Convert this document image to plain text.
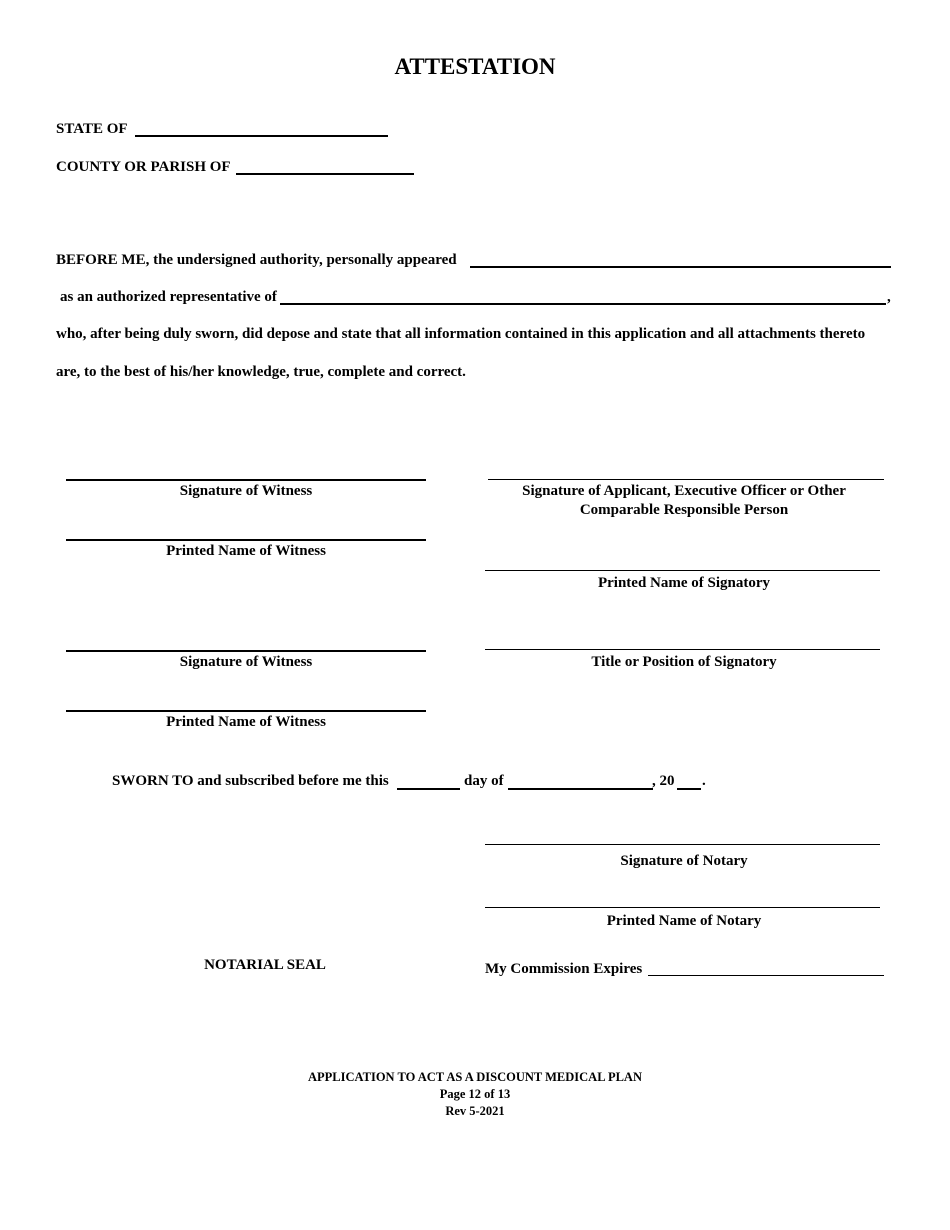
ATTESTATION
STATE OF
COUNTY OR PARISH OF
BEFORE ME, the undersigned authority, personally appeared
as an authorized representative of	,
who, after being duly sworn, did depose and state that all information contained in this application and all attachments thereto
are, to the best of his/her knowledge, true, complete and correct.
Signature of Witness
Printed Name of Witness
Signature of Witness
Printed Name of Witness
Signature of Applicant, Executive Officer or Other
Comparable Responsible Person
Printed Name of Signatory
Title or Position of Signatory
SWORN TO and subscribed before me this	day of	, 20 .
Signature of Notary
Printed Name of Notary
NOTARIAL SEAL	My Commission Expires
APPLICATION TO ACT AS A DISCOUNT MEDICAL PLAN
Page 12 of 13
Rev 5-2021
